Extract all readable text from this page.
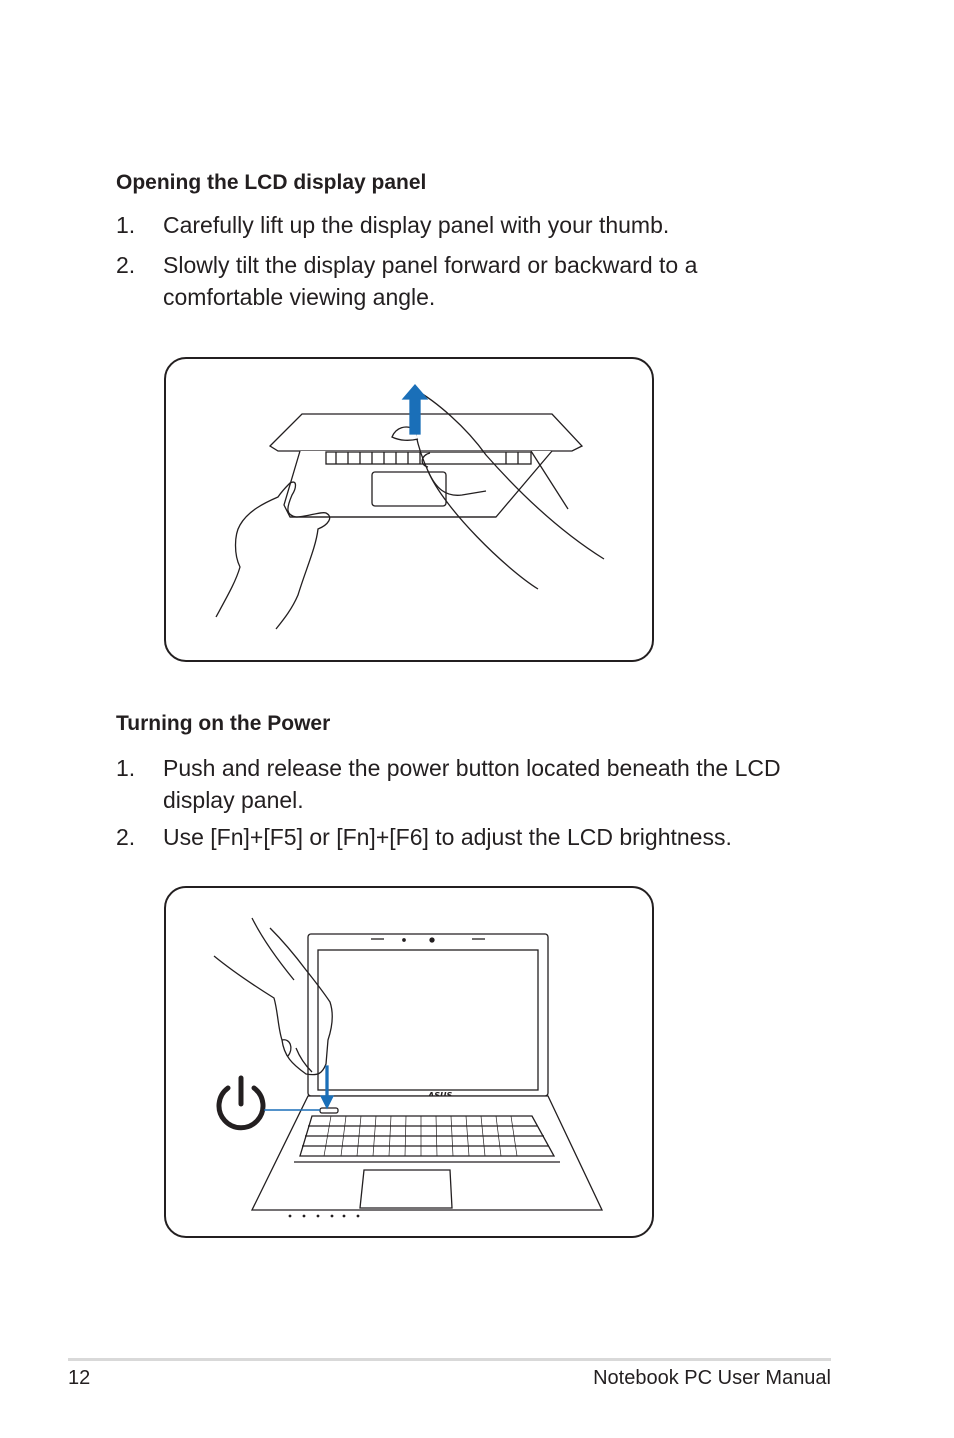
Opening the LCD display panel
1. Carefully lift up the display panel with your thumb.
2. Slowly tilt the display panel forward or backward to a comfortable viewing angle.
Turning on the Power
1. Push and release the power button located beneath the LCD display panel.
2. Use [Fn]+[F5] or [Fn]+[F6] to adjust the LCD brightness.
12	Notebook PC User Manual
